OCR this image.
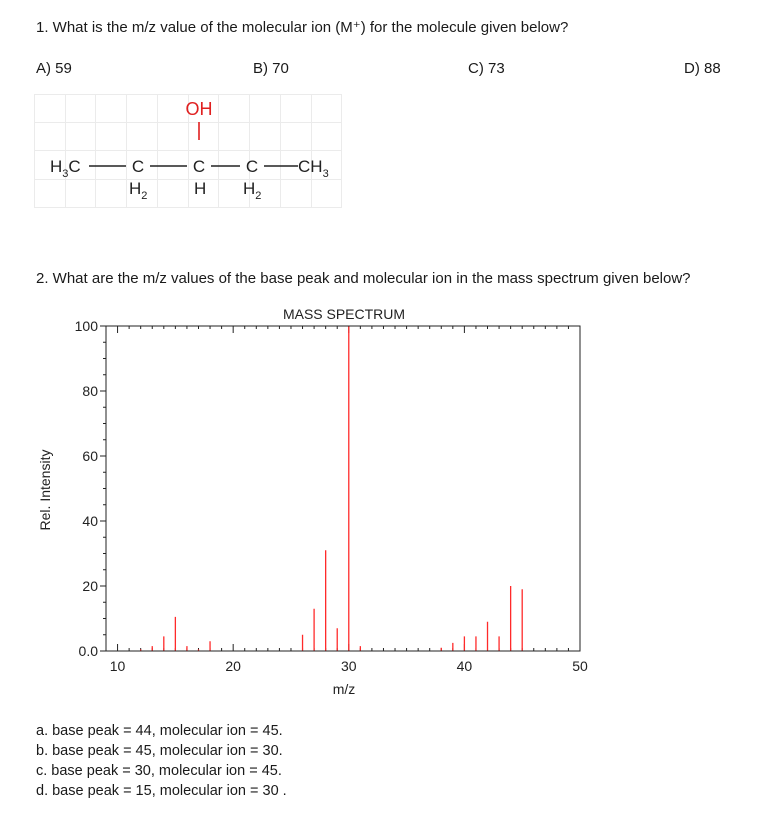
1. What is the m/z value of the molecular ion (M⁺) for the molecule given below?
A) 59	B) 70	C) 73	D) 88
OH
$H_3C$	C	C C $CH_3$
$H_2$	H $H_2$
2. What are the m/z values of the base peak and molecular ion in the mass spectrum given below?
MASS SPECTRUM
Rel. Intensity
m/z
10	20	30	40	50
0.0
20
40
60
80
100
a. base peak = 44, molecular ion = 45.
b. base peak = 45, molecular ion = 30.
c. base peak = 30, molecular ion = 45.
d. base peak = 15, molecular ion = 30 .
